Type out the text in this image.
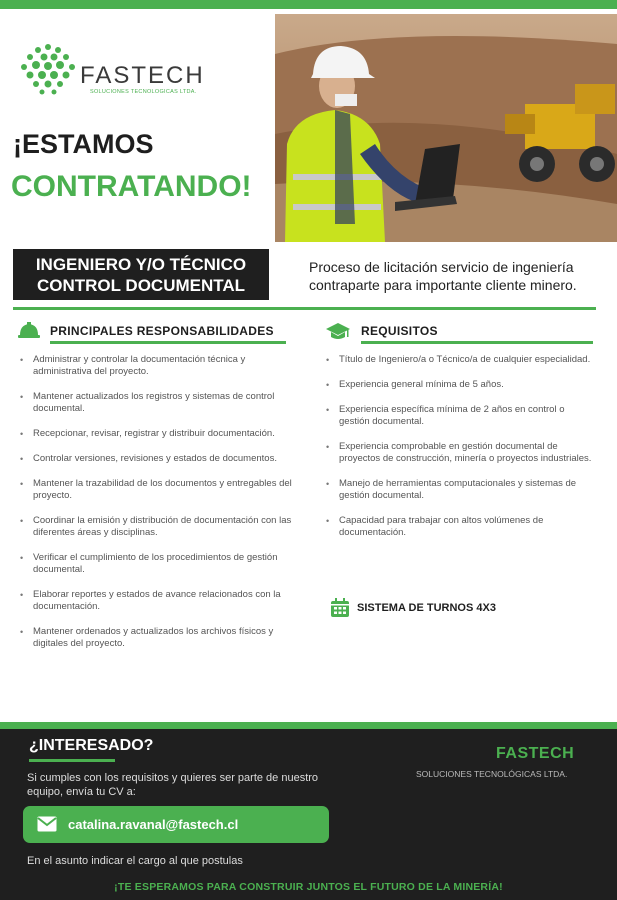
FASTECH
SOLUCIONES TECNOLOGICAS LTDA.
¡ESTAMOS
CONTRATANDO!
INGENIERO Y/O TÉCNICO
CONTROL DOCUMENTAL
Proceso de licitación servicio de ingeniería contraparte para importante cliente minero.
PRINCIPALES RESPONSABILIDADES
• Administrar y controlar la documentación técnica y administrativa del proyecto.
• Mantener actualizados los registros y sistemas de control documental.
• Recepcionar, revisar, registrar y distribuir documentación.
• Controlar versiones, revisiones y estados de documentos.
• Mantener la trazabilidad de los documentos y entregables del proyecto.
• Coordinar la emisión y distribución de documentación con las diferentes áreas y disciplinas.
• Verificar el cumplimiento de los procedimientos de gestión documental.
• Elaborar reportes y estados de avance relacionados con la documentación.
• Mantener ordenados y actualizados los archivos físicos y digitales del proyecto.
REQUISITOS
• Título de Ingeniero/a o Técnico/a de cualquier especialidad.
• Experiencia general mínima de 5 años.
• Experiencia específica mínima de 2 años en control o gestión documental.
• Experiencia comprobable en gestión documental de proyectos de construcción, minería o proyectos industriales.
• Manejo de herramientas computacionales y sistemas de gestión documental.
• Capacidad para trabajar con altos volúmenes de documentación.
SISTEMA DE TURNOS 4X3
¿INTERESADO?
Si cumples con los requisitos y quieres ser parte de nuestro equipo, envía tu CV a:
catalina.ravanal@fastech.cl
En el asunto indicar el cargo al que postulas
FASTECH
SOLUCIONES TECNOLÓGICAS LTDA.
¡TE ESPERAMOS PARA CONSTRUIR JUNTOS EL FUTURO DE LA MINERÍA!
